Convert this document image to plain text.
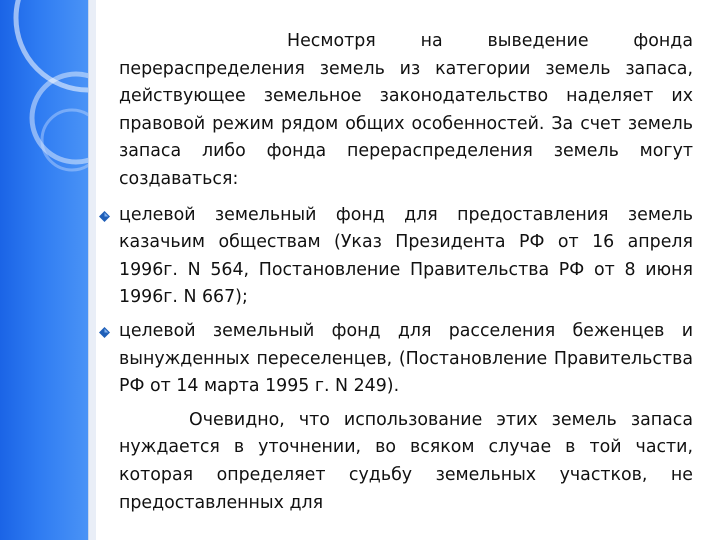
Несмотря на выведение фонда перераспределения земель из категории земель запаса, действующее земельное законодательство наделяет их правовой режим рядом общих особенностей. За счет земель запаса либо фонда перераспределения земель могут создаваться:

целевой земельный фонд для предоставления земель казачьим обществам (Указ Президента РФ от 16 апреля 1996г. N 564, Постановление Правительства РФ от 8 июня 1996г. N 667);
целевой земельный фонд для расселения беженцев и вынужденных переселенцев, (Постановление Правительства РФ от 14 марта 1995 г. N 249).

Очевидно, что использование этих земель запаса нуждается в уточнении, во всяком случае в той части, которая определяет судьбу земельных участков, не предоставленных для
